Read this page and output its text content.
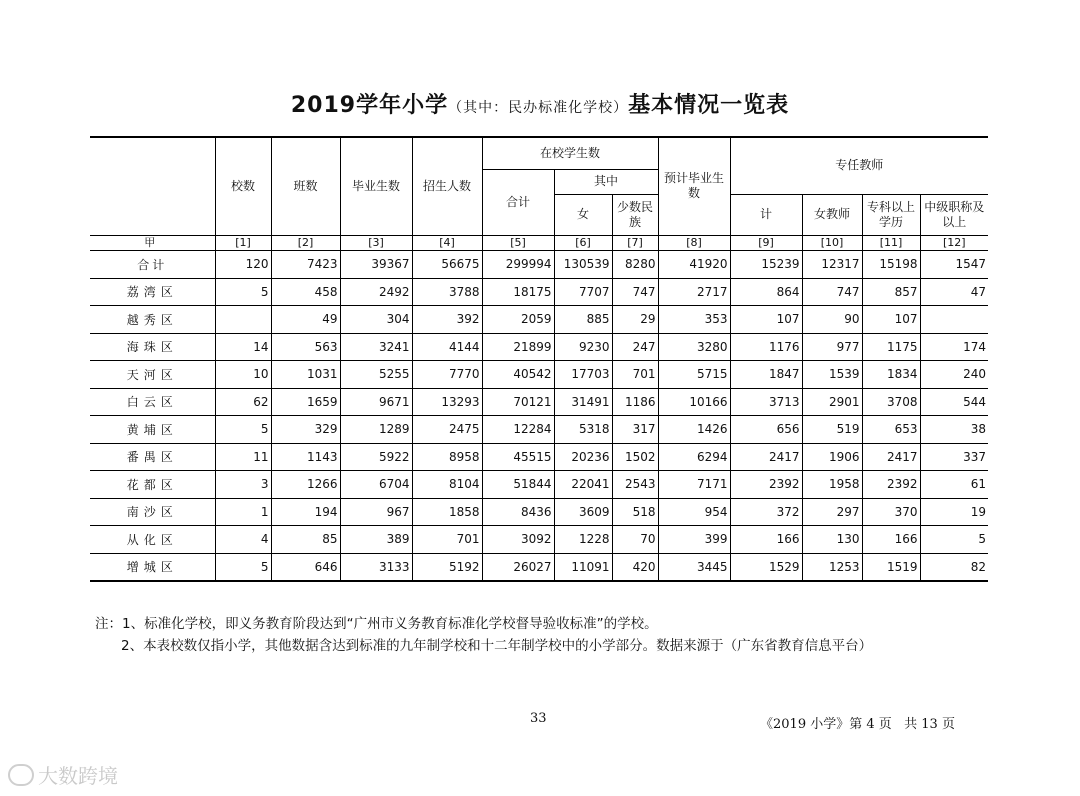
2019学年小学（其中：民办标准化学校）基本情况一览表
	校数	班数	毕业生数	招生人数	在校学生数			预计毕业生数	专任教师			
					合计	其中						
						女	少数民族		计	女教师	专科以上学历	中级职称及以上
甲	[1]	[2]	[3]	[4]	[5]	[6]	[7]	[8]	[9]	[10]	[11]	[12]
合计	120	7423	39367	56675	299994	130539	8280	41920	15239	12317	15198	1547
荔湾区	5	458	2492	3788	18175	7707	747	2717	864	747	857	47
越秀区		49	304	392	2059	885	29	353	107	90	107	
海珠区	14	563	3241	4144	21899	9230	247	3280	1176	977	1175	174
天河区	10	1031	5255	7770	40542	17703	701	5715	1847	1539	1834	240
白云区	62	1659	9671	13293	70121	31491	1186	10166	3713	2901	3708	544
黄埔区	5	329	1289	2475	12284	5318	317	1426	656	519	653	38
番禺区	11	1143	5922	8958	45515	20236	1502	6294	2417	1906	2417	337
花都区	3	1266	6704	8104	51844	22041	2543	7171	2392	1958	2392	61
南沙区	1	194	967	1858	8436	3609	518	954	372	297	370	19
从化区	4	85	389	701	3092	1228	70	399	166	130	166	5
增城区	5	646	3133	5192	26027	11091	420	3445	1529	1253	1519	82
注：1、标准化学校，即义务教育阶段达到“广州市义务教育标准化学校督导验收标准”的学校。
2、本表校数仅指小学，其他数据含达到标准的九年制学校和十二年制学校中的小学部分。数据来源于（广东省教育信息平台）
33	《2019 小学》第 4 页   共 13 页
大数跨境
